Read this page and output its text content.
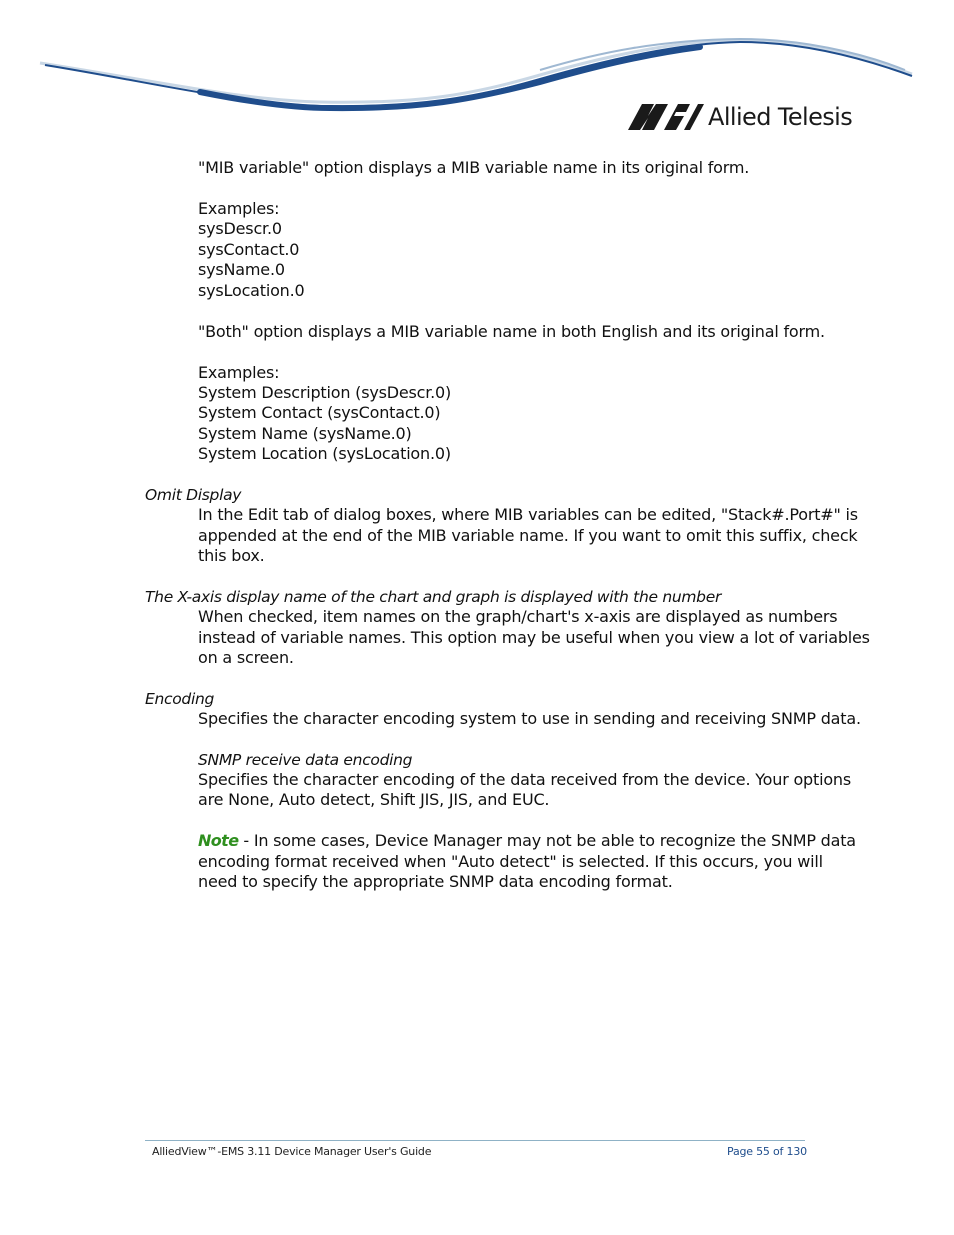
Allied Telesis
"MIB variable" option displays a MIB variable name in its original form.
Examples:
sysDescr.0
sysContact.0
sysName.0
sysLocation.0
"Both" option displays a MIB variable name in both English and its original form.
Examples:
System Description (sysDescr.0)
System Contact (sysContact.0)
System Name (sysName.0)
System Location (sysLocation.0)
Omit Display
In the Edit tab of dialog boxes, where MIB variables can be edited, "Stack#.Port#" is
appended at the end of the MIB variable name. If you want to omit this suffix, check
this box.
The X-axis display name of the chart and graph is displayed with the number
When checked, item names on the graph/chart's x-axis are displayed as numbers
instead of variable names. This option may be useful when you view a lot of variables
on a screen.
Encoding
Specifies the character encoding system to use in sending and receiving SNMP data.
SNMP receive data encoding
Specifies the character encoding of the data received from the device. Your options
are None, Auto detect, Shift JIS, JIS, and EUC.
Note - In some cases, Device Manager may not be able to recognize the SNMP data
encoding format received when "Auto detect" is selected. If this occurs, you will
need to specify the appropriate SNMP data encoding format.
AlliedView™-EMS 3.11 Device Manager User's Guide	Page 55 of 130
